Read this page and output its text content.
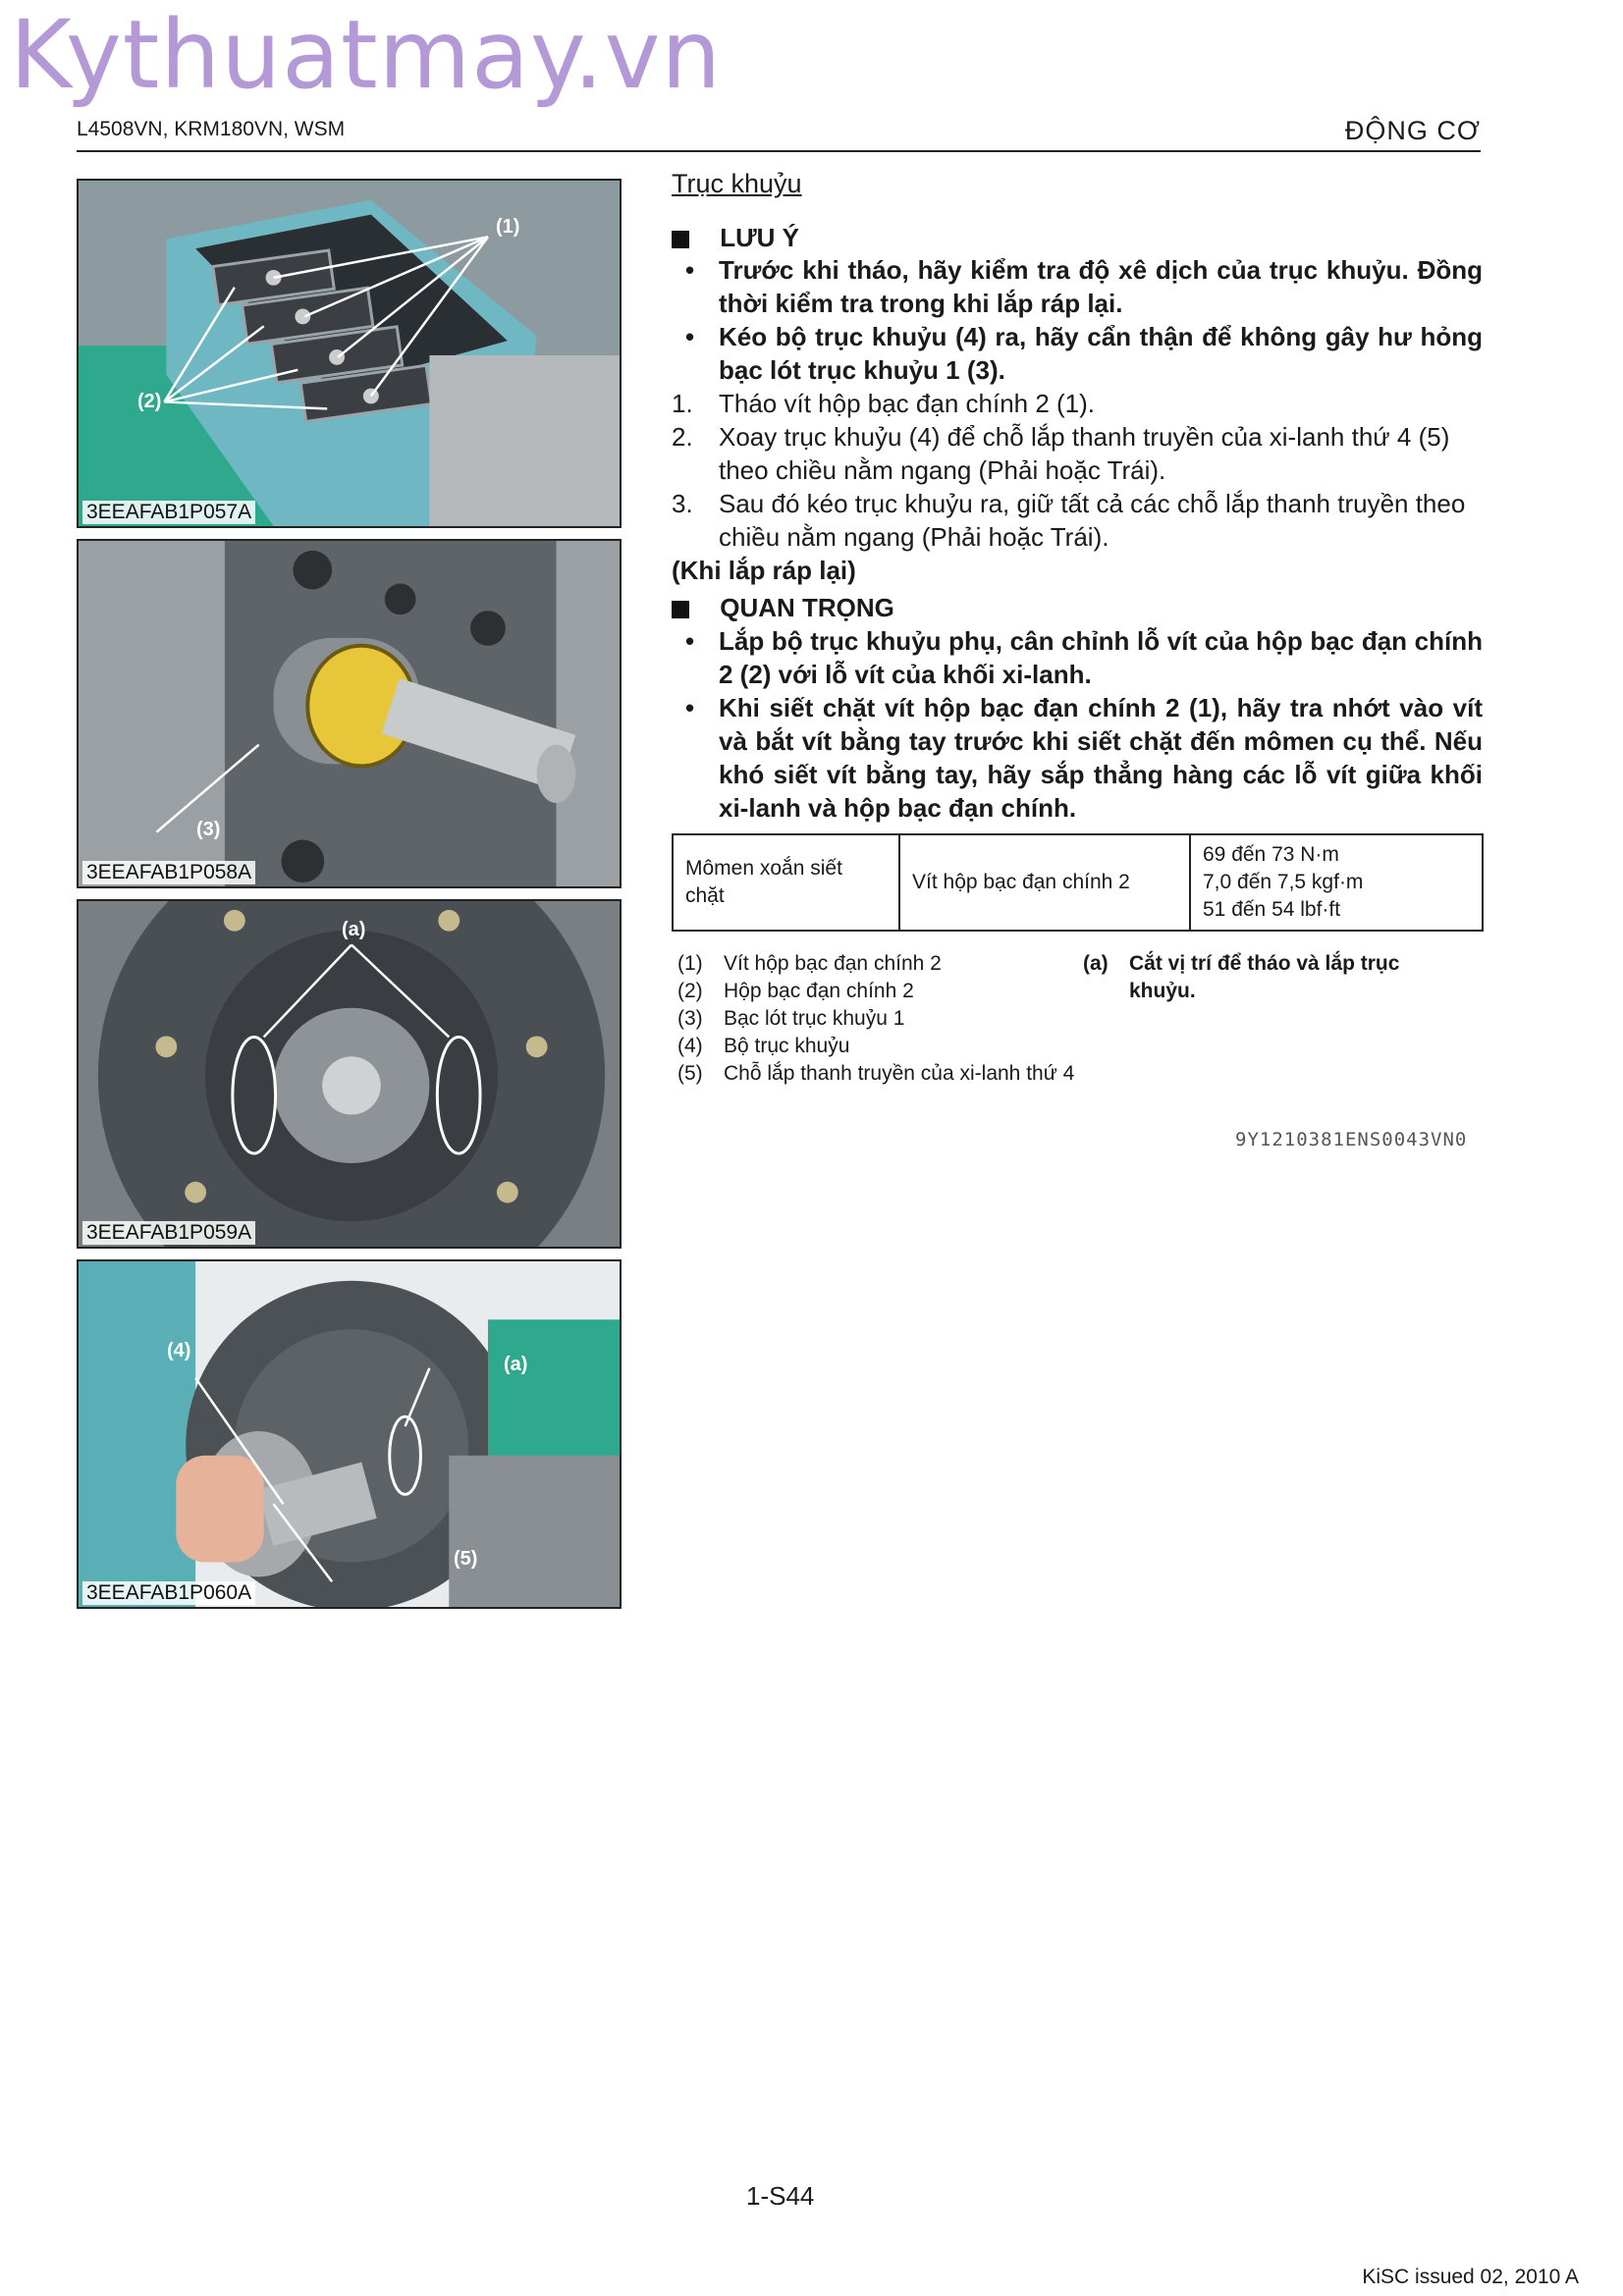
Kythuatmay.vn
L4508VN, KRM180VN, WSM	ĐỘNG CƠ
(1)
(2)
3EEAFAB1P057A
(3)
3EEAFAB1P058A
(a)
3EEAFAB1P059A
(4)
(a)
(5)
3EEAFAB1P060A
Trục khuỷu
LƯU Ý
• Trước khi tháo, hãy kiểm tra độ xê dịch của trục khuỷu. Đồng thời kiểm tra trong khi lắp ráp lại.
• Kéo bộ trục khuỷu (4) ra, hãy cẩn thận để không gây hư hỏng bạc lót trục khuỷu 1 (3).
1. Tháo vít hộp bạc đạn chính 2 (1).
2. Xoay trục khuỷu (4) để chỗ lắp thanh truyền của xi-lanh thứ 4 (5) theo chiều nằm ngang (Phải hoặc Trái).
3. Sau đó kéo trục khuỷu ra, giữ tất cả các chỗ lắp thanh truyền theo chiều nằm ngang (Phải hoặc Trái).
(Khi lắp ráp lại)
QUAN TRỌNG
• Lắp bộ trục khuỷu phụ, cân chỉnh lỗ vít của hộp bạc đạn chính 2 (2) với lỗ vít của khối xi-lanh.
• Khi siết chặt vít hộp bạc đạn chính 2 (1), hãy tra nhớt vào vít và bắt vít bằng tay trước khi siết chặt đến mômen cụ thể. Nếu khó siết vít bằng tay, hãy sắp thẳng hàng các lỗ vít giữa khối xi-lanh và hộp bạc đạn chính.
Mômen xoắn siết chặt	Vít hộp bạc đạn chính 2	
69 đến 73 N·m
7,0 đến 7,5 kgf·m
51 đến 54 lbf·ft
(1) Vít hộp bạc đạn chính 2
(2) Hộp bạc đạn chính 2
(3) Bạc lót trục khuỷu 1
(4) Bộ trục khuỷu
(5) Chỗ lắp thanh truyền của xi-lanh thứ 4
(a) Cắt vị trí để tháo và lắp trục khuỷu.
9Y1210381ENS0043VN0
1-S44
KiSC issued 02, 2010 A
